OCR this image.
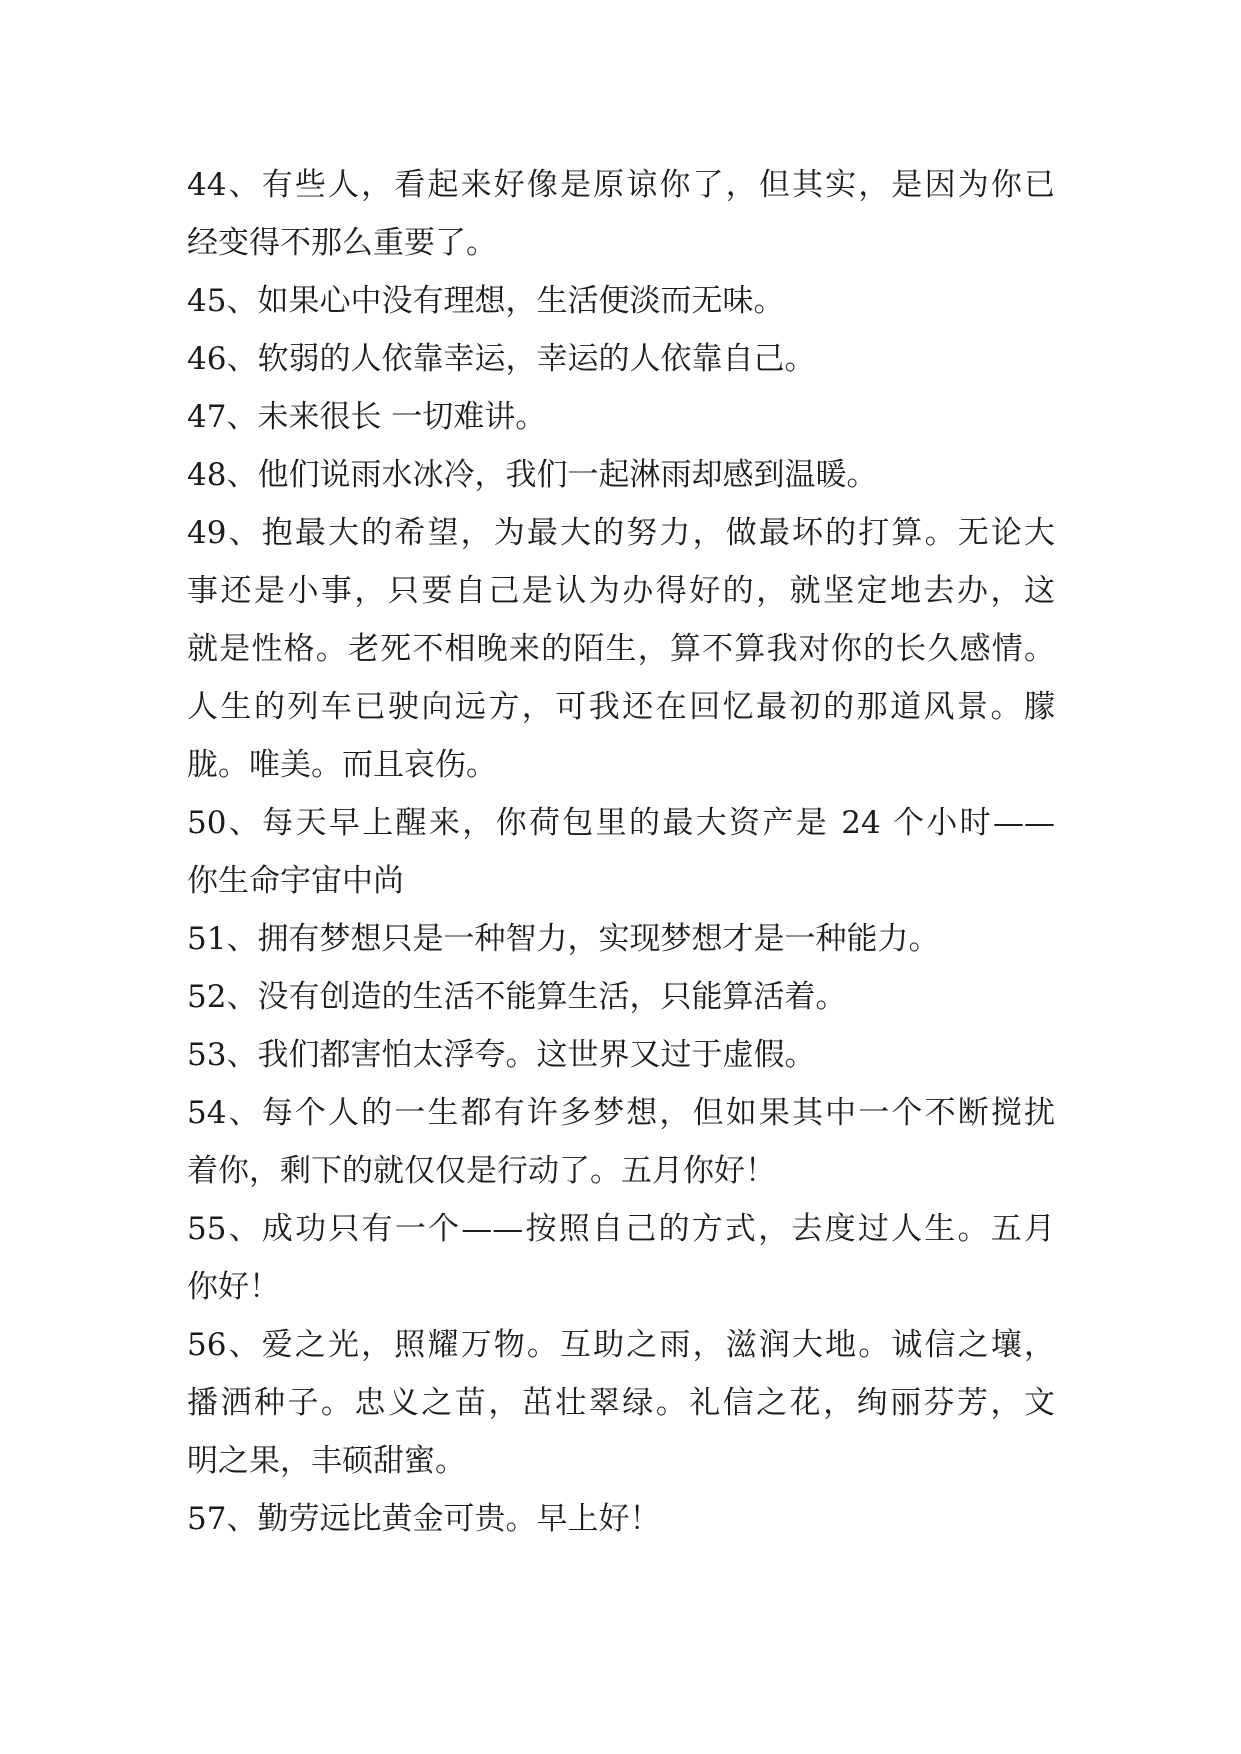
44、有些人，看起来好像是原谅你了，但其实，是因为你已
经变得不那么重要了。
45、如果心中没有理想，生活便淡而无味。
46、软弱的人依靠幸运，幸运的人依靠自己。
47、未来很长 一切难讲。
48、他们说雨水冰冷，我们一起淋雨却感到温暖。
49、抱最大的希望，为最大的努力，做最坏的打算。无论大
事还是小事，只要自己是认为办得好的，就坚定地去办，这
就是性格。老死不相晚来的陌生，算不算我对你的长久感情。
人生的列车已驶向远方，可我还在回忆最初的那道风景。朦
胧。唯美。而且哀伤。
50、每天早上醒来，你荷包里的最大资产是 24 个小时——
你生命宇宙中尚
51、拥有梦想只是一种智力，实现梦想才是一种能力。
52、没有创造的生活不能算生活，只能算活着。
53、我们都害怕太浮夸。这世界又过于虚假。
54、每个人的一生都有许多梦想，但如果其中一个不断搅扰
着你，剩下的就仅仅是行动了。五月你好！
55、成功只有一个——按照自己的方式，去度过人生。五月
你好！
56、爱之光，照耀万物。互助之雨，滋润大地。诚信之壤，
播洒种子。忠义之苗，茁壮翠绿。礼信之花，绚丽芬芳，文
明之果，丰硕甜蜜。
57、勤劳远比黄金可贵。早上好！
